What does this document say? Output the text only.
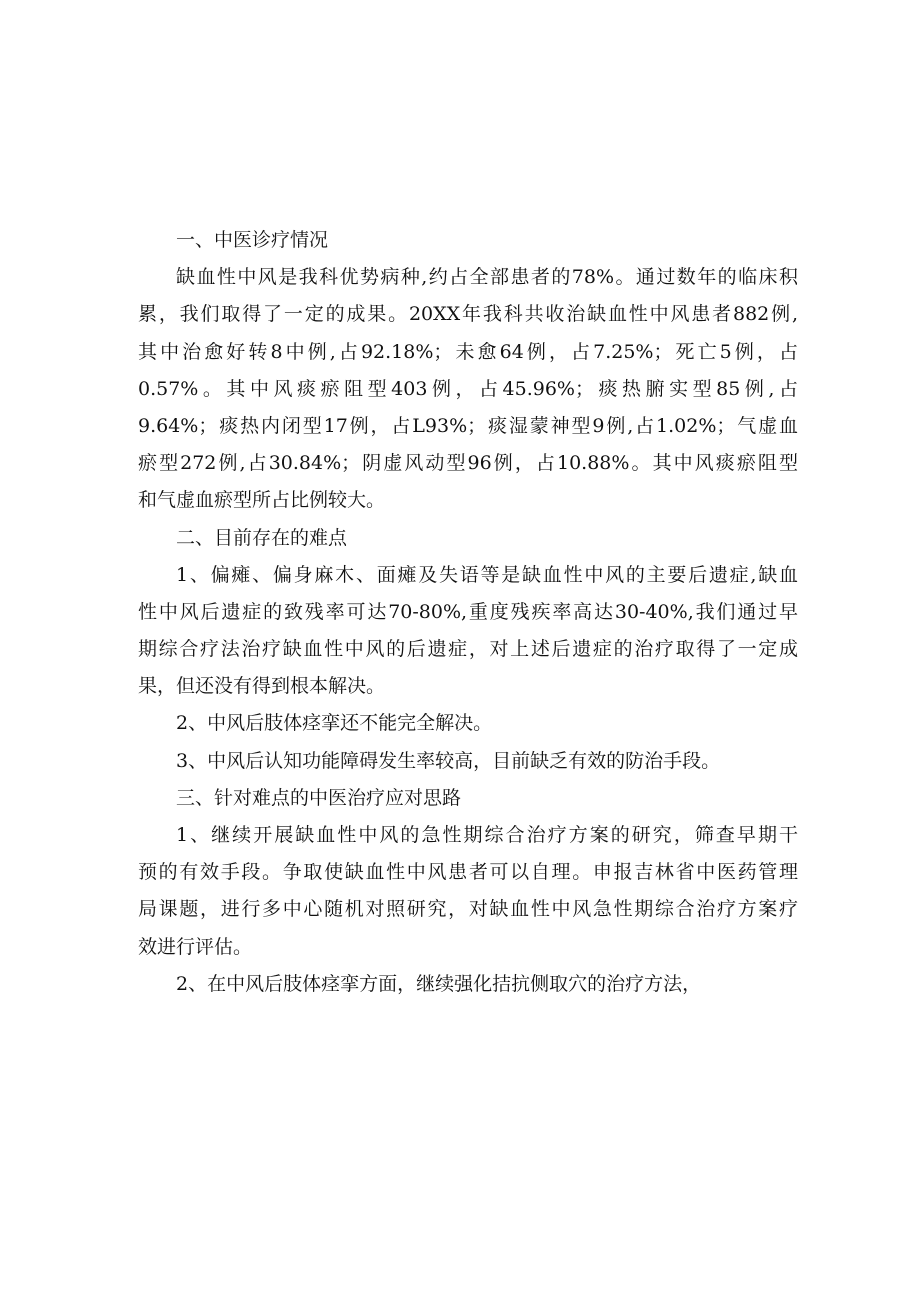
一、中医诊疗情况
缺血性中风是我科优势病种,约占全部患者的78%。通过数年的临床积
累，我们取得了一定的成果。20XX年我科共收治缺血性中风患者882例,
其中治愈好转8中例,占92.18%；未愈64例，占7.25%；死亡5例，占
0.57%。其中风痰瘀阻型403例，占45.96%；痰热腑实型85例,占
9.64%；痰热内闭型17例，占L93%；痰湿蒙神型9例,占1.02%；气虚血
瘀型272例,占30.84%；阴虚风动型96例，占10.88%。其中风痰瘀阻型
和气虚血瘀型所占比例较大。
二、目前存在的难点
1、偏瘫、偏身麻木、面瘫及失语等是缺血性中风的主要后遗症,缺血
性中风后遗症的致残率可达70-80%,重度残疾率高达30-40%,我们通过早
期综合疗法治疗缺血性中风的后遗症，对上述后遗症的治疗取得了一定成
果，但还没有得到根本解决。
2、中风后肢体痉挛还不能完全解决。
3、中风后认知功能障碍发生率较高，目前缺乏有效的防治手段。
三、针对难点的中医治疗应对思路
1、继续开展缺血性中风的急性期综合治疗方案的研究，筛查早期干
预的有效手段。争取使缺血性中风患者可以自理。申报吉林省中医药管理
局课题，进行多中心随机对照研究，对缺血性中风急性期综合治疗方案疗
效进行评估。
2、在中风后肢体痉挛方面，继续强化拮抗侧取穴的治疗方法，
